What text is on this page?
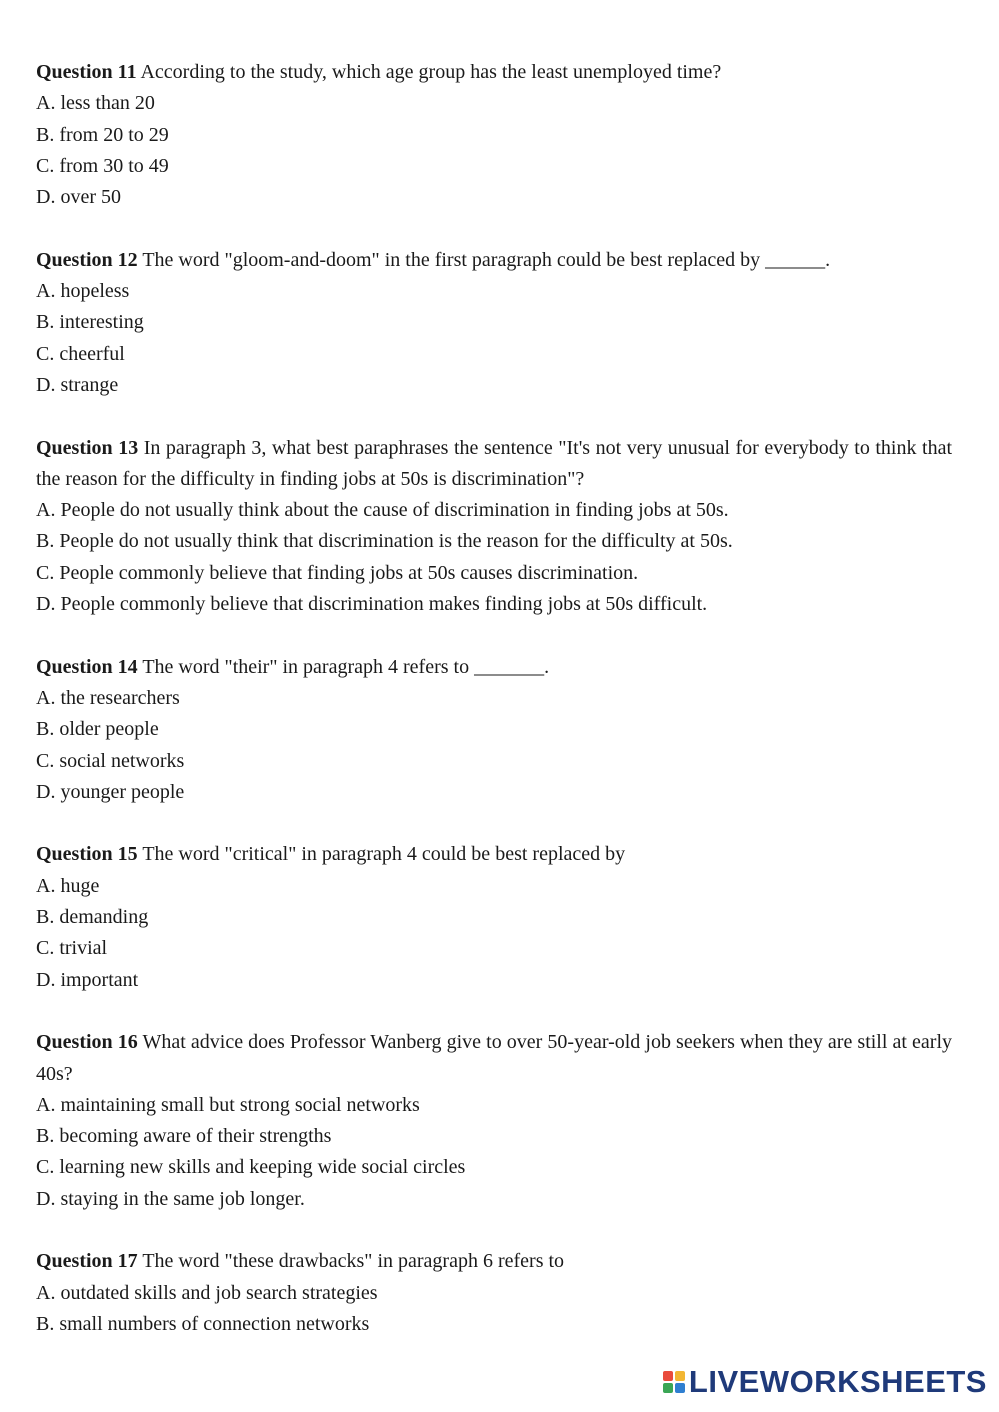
Question 11 According to the study, which age group has the least unemployed time?
A. less than 20
B. from 20 to 29
C. from 30 to 49
D. over 50
Question 12 The word "gloom-and-doom" in the first paragraph could be best replaced by ______.
A. hopeless
B. interesting
C. cheerful
D. strange
Question 13 In paragraph 3, what best paraphrases the sentence "It's not very unusual for everybody to think that the reason for the difficulty in finding jobs at 50s is discrimination"?
A. People do not usually think about the cause of discrimination in finding jobs at 50s.
B. People do not usually think that discrimination is the reason for the difficulty at 50s.
C. People commonly believe that finding jobs at 50s causes discrimination.
D. People commonly believe that discrimination makes finding jobs at 50s difficult.
Question 14 The word "their" in paragraph 4 refers to _______.
A. the researchers
B. older people
C. social networks
D. younger people
Question 15 The word "critical" in paragraph 4 could be best replaced by
A. huge
B. demanding
C. trivial
D. important
Question 16 What advice does Professor Wanberg give to over 50-year-old job seekers when they are still at early 40s?
A. maintaining small but strong social networks
B. becoming aware of their strengths
C. learning new skills and keeping wide social circles
D. staying in the same job longer.
Question 17 The word "these drawbacks" in paragraph 6 refers to
A. outdated skills and job search strategies
B. small numbers of connection networks
LIVEWORKSHEETS
